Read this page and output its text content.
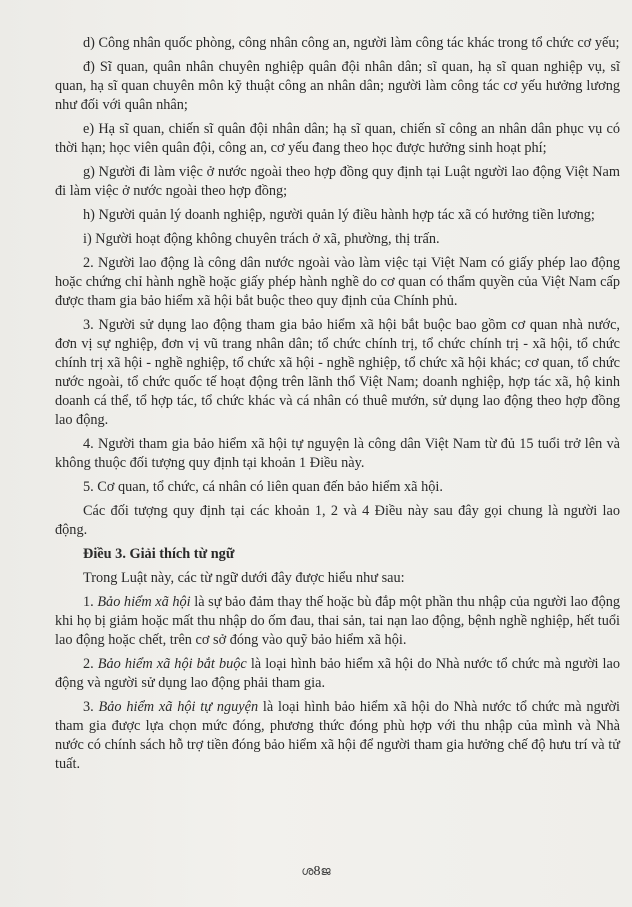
d) Công nhân quốc phòng, công nhân công an, người làm công tác khác trong tổ chức cơ yếu;

đ) Sĩ quan, quân nhân chuyên nghiệp quân đội nhân dân; sĩ quan, hạ sĩ quan nghiệp vụ, sĩ quan, hạ sĩ quan chuyên môn kỹ thuật công an nhân dân; người làm công tác cơ yếu hưởng lương như đối với quân nhân;

e) Hạ sĩ quan, chiến sĩ quân đội nhân dân; hạ sĩ quan, chiến sĩ công an nhân dân phục vụ có thời hạn; học viên quân đội, công an, cơ yếu đang theo học được hưởng sinh hoạt phí;

g) Người đi làm việc ở nước ngoài theo hợp đồng quy định tại Luật người lao động Việt Nam đi làm việc ở nước ngoài theo hợp đồng;

h) Người quản lý doanh nghiệp, người quản lý điều hành hợp tác xã có hưởng tiền lương;

i) Người hoạt động không chuyên trách ở xã, phường, thị trấn.

2. Người lao động là công dân nước ngoài vào làm việc tại Việt Nam có giấy phép lao động hoặc chứng chỉ hành nghề hoặc giấy phép hành nghề do cơ quan có thẩm quyền của Việt Nam cấp được tham gia bảo hiểm xã hội bắt buộc theo quy định của Chính phủ.

3. Người sử dụng lao động tham gia bảo hiểm xã hội bắt buộc bao gồm cơ quan nhà nước, đơn vị sự nghiệp, đơn vị vũ trang nhân dân; tổ chức chính trị, tổ chức chính trị - xã hội, tổ chức chính trị xã hội - nghề nghiệp, tổ chức xã hội - nghề nghiệp, tổ chức xã hội khác; cơ quan, tổ chức nước ngoài, tổ chức quốc tế hoạt động trên lãnh thổ Việt Nam; doanh nghiệp, hợp tác xã, hộ kinh doanh cá thể, tổ hợp tác, tổ chức khác và cá nhân có thuê mướn, sử dụng lao động theo hợp đồng lao động.

4. Người tham gia bảo hiểm xã hội tự nguyện là công dân Việt Nam từ đủ 15 tuổi trở lên và không thuộc đối tượng quy định tại khoản 1 Điều này.

5. Cơ quan, tổ chức, cá nhân có liên quan đến bảo hiểm xã hội.

Các đối tượng quy định tại các khoản 1, 2 và 4 Điều này sau đây gọi chung là người lao động.

Điều 3. Giải thích từ ngữ

Trong Luật này, các từ ngữ dưới đây được hiểu như sau:

1. Bảo hiểm xã hội là sự bảo đảm thay thế hoặc bù đắp một phần thu nhập của người lao động khi họ bị giảm hoặc mất thu nhập do ốm đau, thai sản, tai nạn lao động, bệnh nghề nghiệp, hết tuổi lao động hoặc chết, trên cơ sở đóng vào quỹ bảo hiểm xã hội.

2. Bảo hiểm xã hội bắt buộc là loại hình bảo hiểm xã hội do Nhà nước tổ chức mà người lao động và người sử dụng lao động phải tham gia.

3. Bảo hiểm xã hội tự nguyện là loại hình bảo hiểm xã hội do Nhà nước tổ chức mà người tham gia được lựa chọn mức đóng, phương thức đóng phù hợp với thu nhập của mình và Nhà nước có chính sách hỗ trợ tiền đóng bảo hiểm xã hội để người tham gia hưởng chế độ hưu trí và tử tuất.

ശ8ജ
